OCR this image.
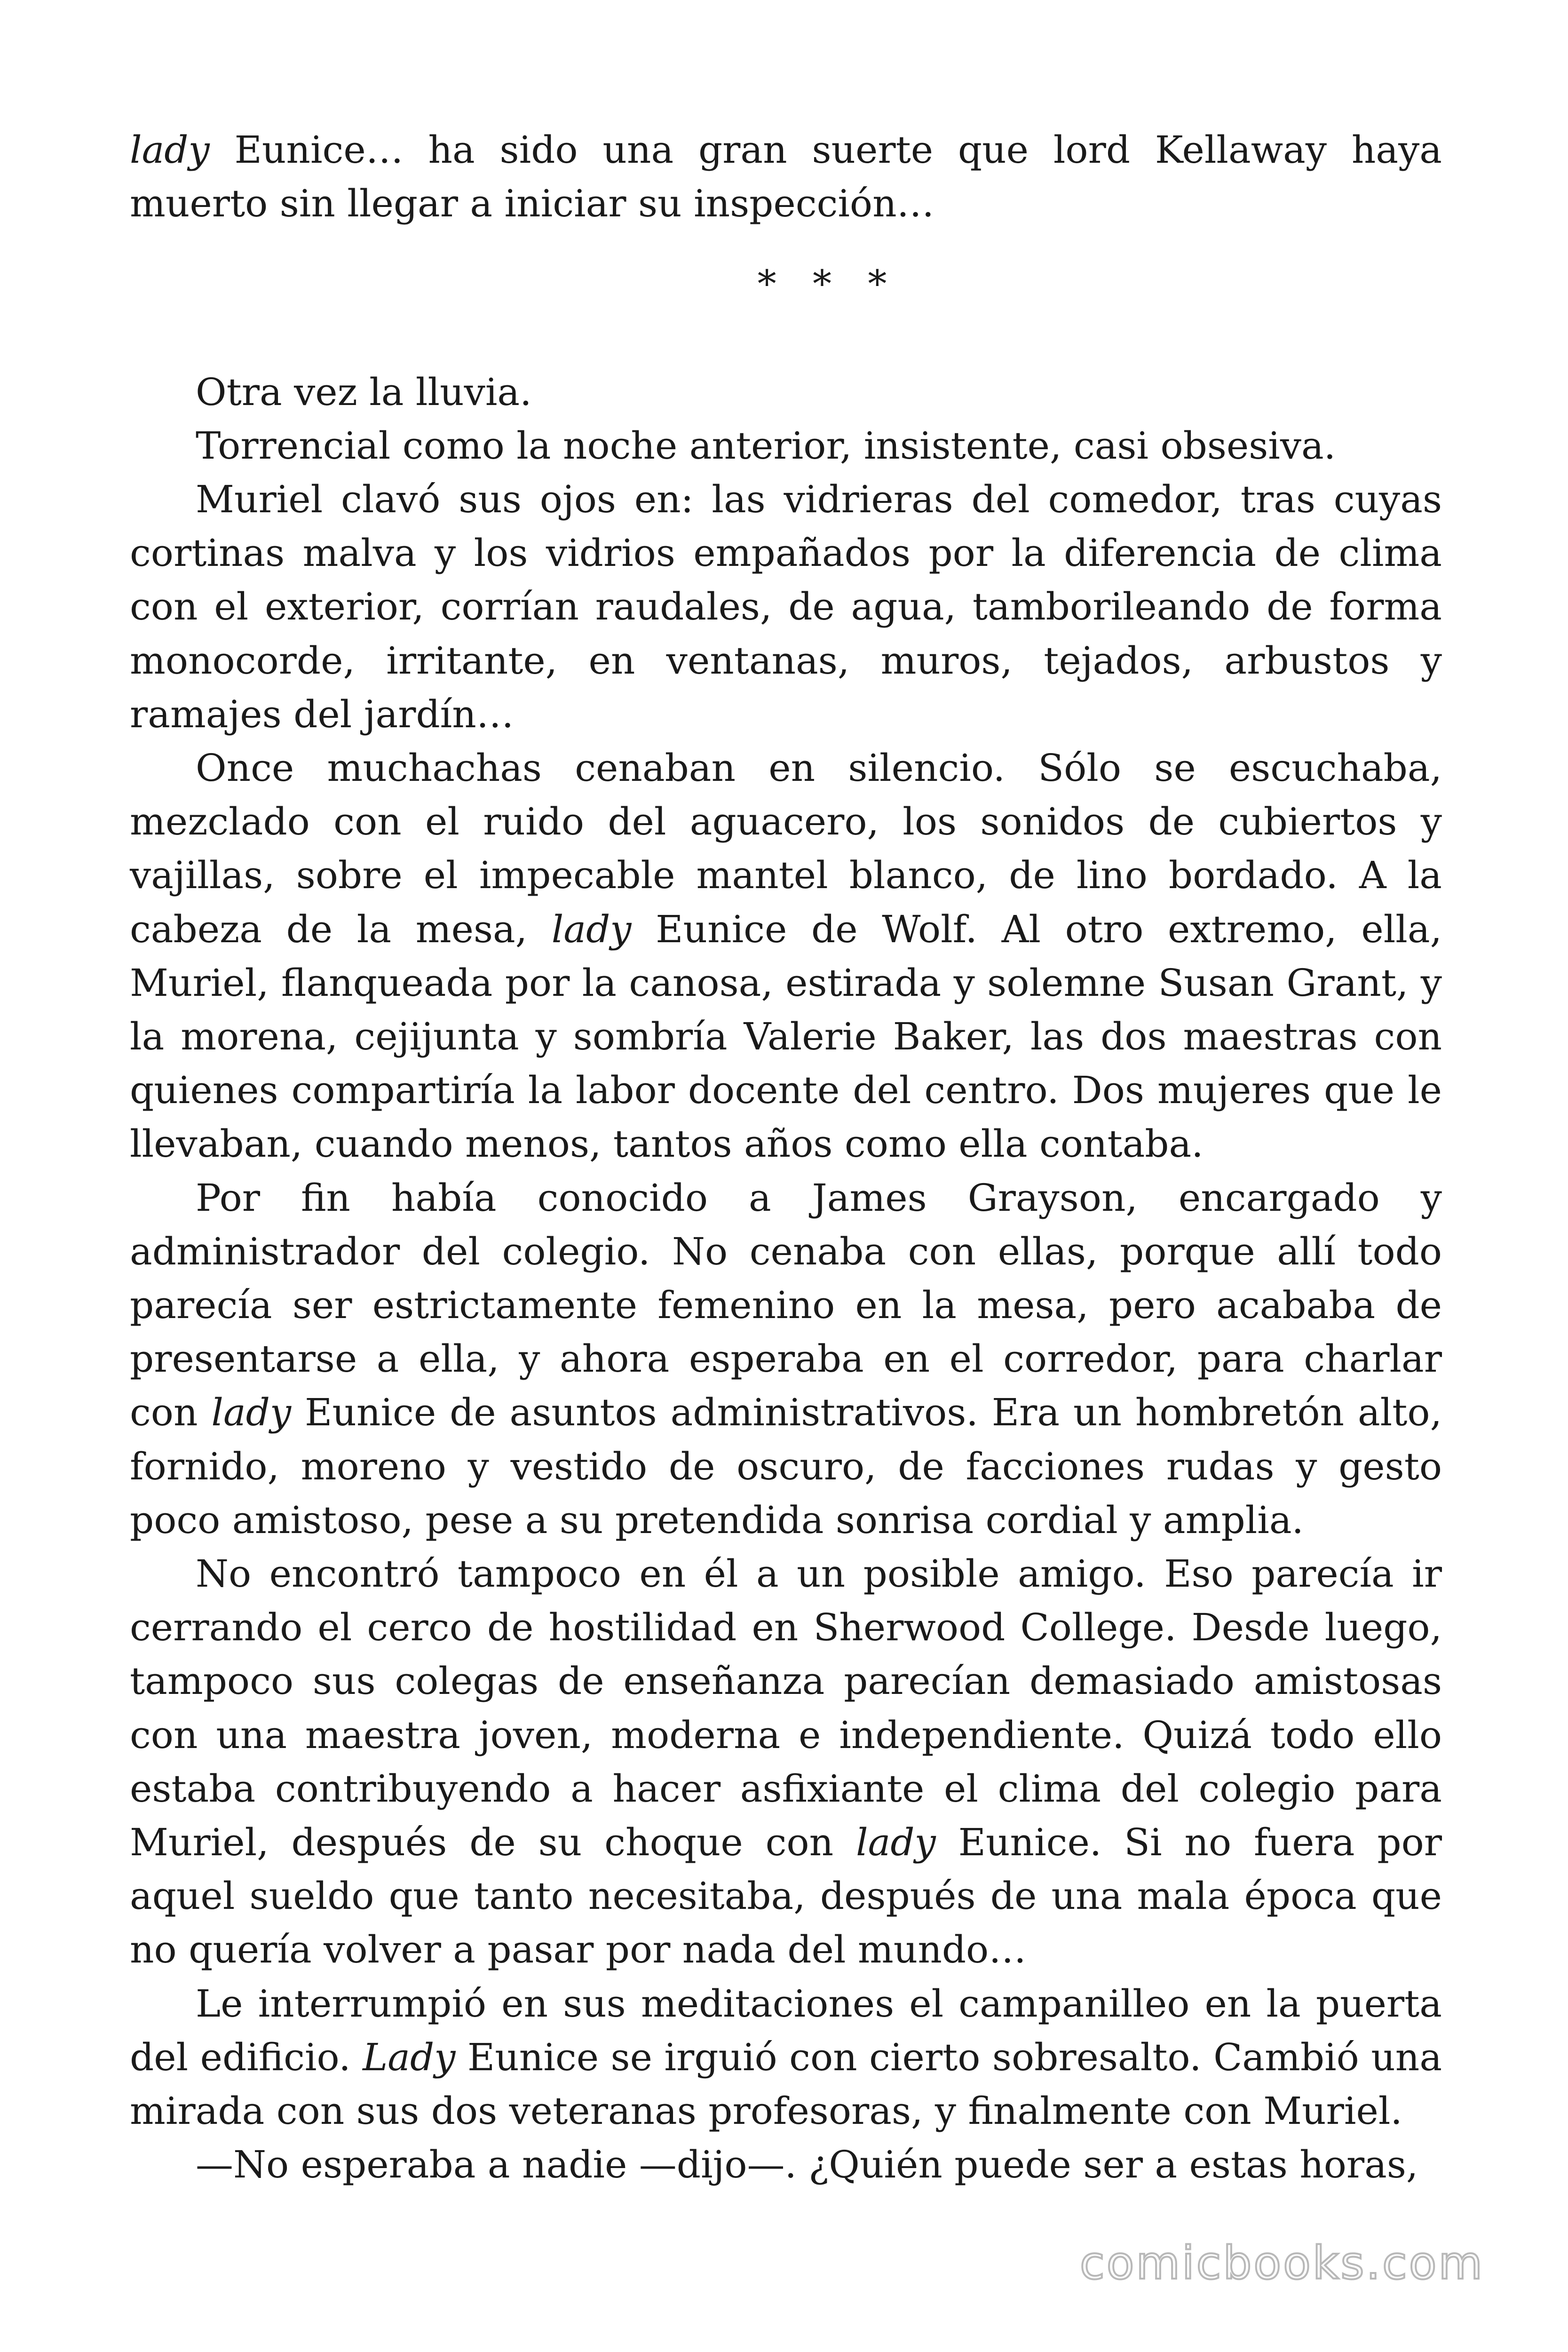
lady Eunice… ha sido una gran suerte que lord Kellaway haya muerto sin llegar a iniciar su inspección…

* * *

Otra vez la lluvia.

Torrencial como la noche anterior, insistente, casi obsesiva.

Muriel clavó sus ojos en: las vidrieras del comedor, tras cuyas cortinas malva y los vidrios empañados por la diferencia de clima con el exterior, corrían raudales, de agua, tamborileando de forma monocorde, irritante, en ventanas, muros, tejados, arbustos y ramajes del jardín…

Once muchachas cenaban en silencio. Sólo se escuchaba, mezclado con el ruido del aguacero, los sonidos de cubiertos y vajillas, sobre el impecable mantel blanco, de lino bordado. A la cabeza de la mesa, lady Eunice de Wolf. Al otro extremo, ella, Muriel, flanqueada por la canosa, estirada y solemne Susan Grant, y la morena, cejijunta y sombría Valerie Baker, las dos maestras con quienes compartiría la labor docente del centro. Dos mujeres que le llevaban, cuando menos, tantos años como ella contaba.

Por fin había conocido a James Grayson, encargado y administrador del colegio. No cenaba con ellas, porque allí todo parecía ser estrictamente femenino en la mesa, pero acababa de presentarse a ella, y ahora esperaba en el corredor, para charlar con lady Eunice de asuntos administrativos. Era un hombretón alto, fornido, moreno y vestido de oscuro, de facciones rudas y gesto poco amistoso, pese a su pretendida sonrisa cordial y amplia.

No encontró tampoco en él a un posible amigo. Eso parecía ir cerrando el cerco de hostilidad en Sherwood College. Desde luego, tampoco sus colegas de enseñanza parecían demasiado amistosas con una maestra joven, moderna e independiente. Quizá todo ello estaba contribuyendo a hacer asfixiante el clima del colegio para Muriel, después de su choque con lady Eunice. Si no fuera por aquel sueldo que tanto necesitaba, después de una mala época que no quería volver a pasar por nada del mundo…

Le interrumpió en sus meditaciones el campanilleo en la puerta del edificio. Lady Eunice se irguió con cierto sobresalto. Cambió una mirada con sus dos veteranas profesoras, y finalmente con Muriel.

—No esperaba a nadie —dijo—. ¿Quién puede ser a estas horas,

comicbooks.com
